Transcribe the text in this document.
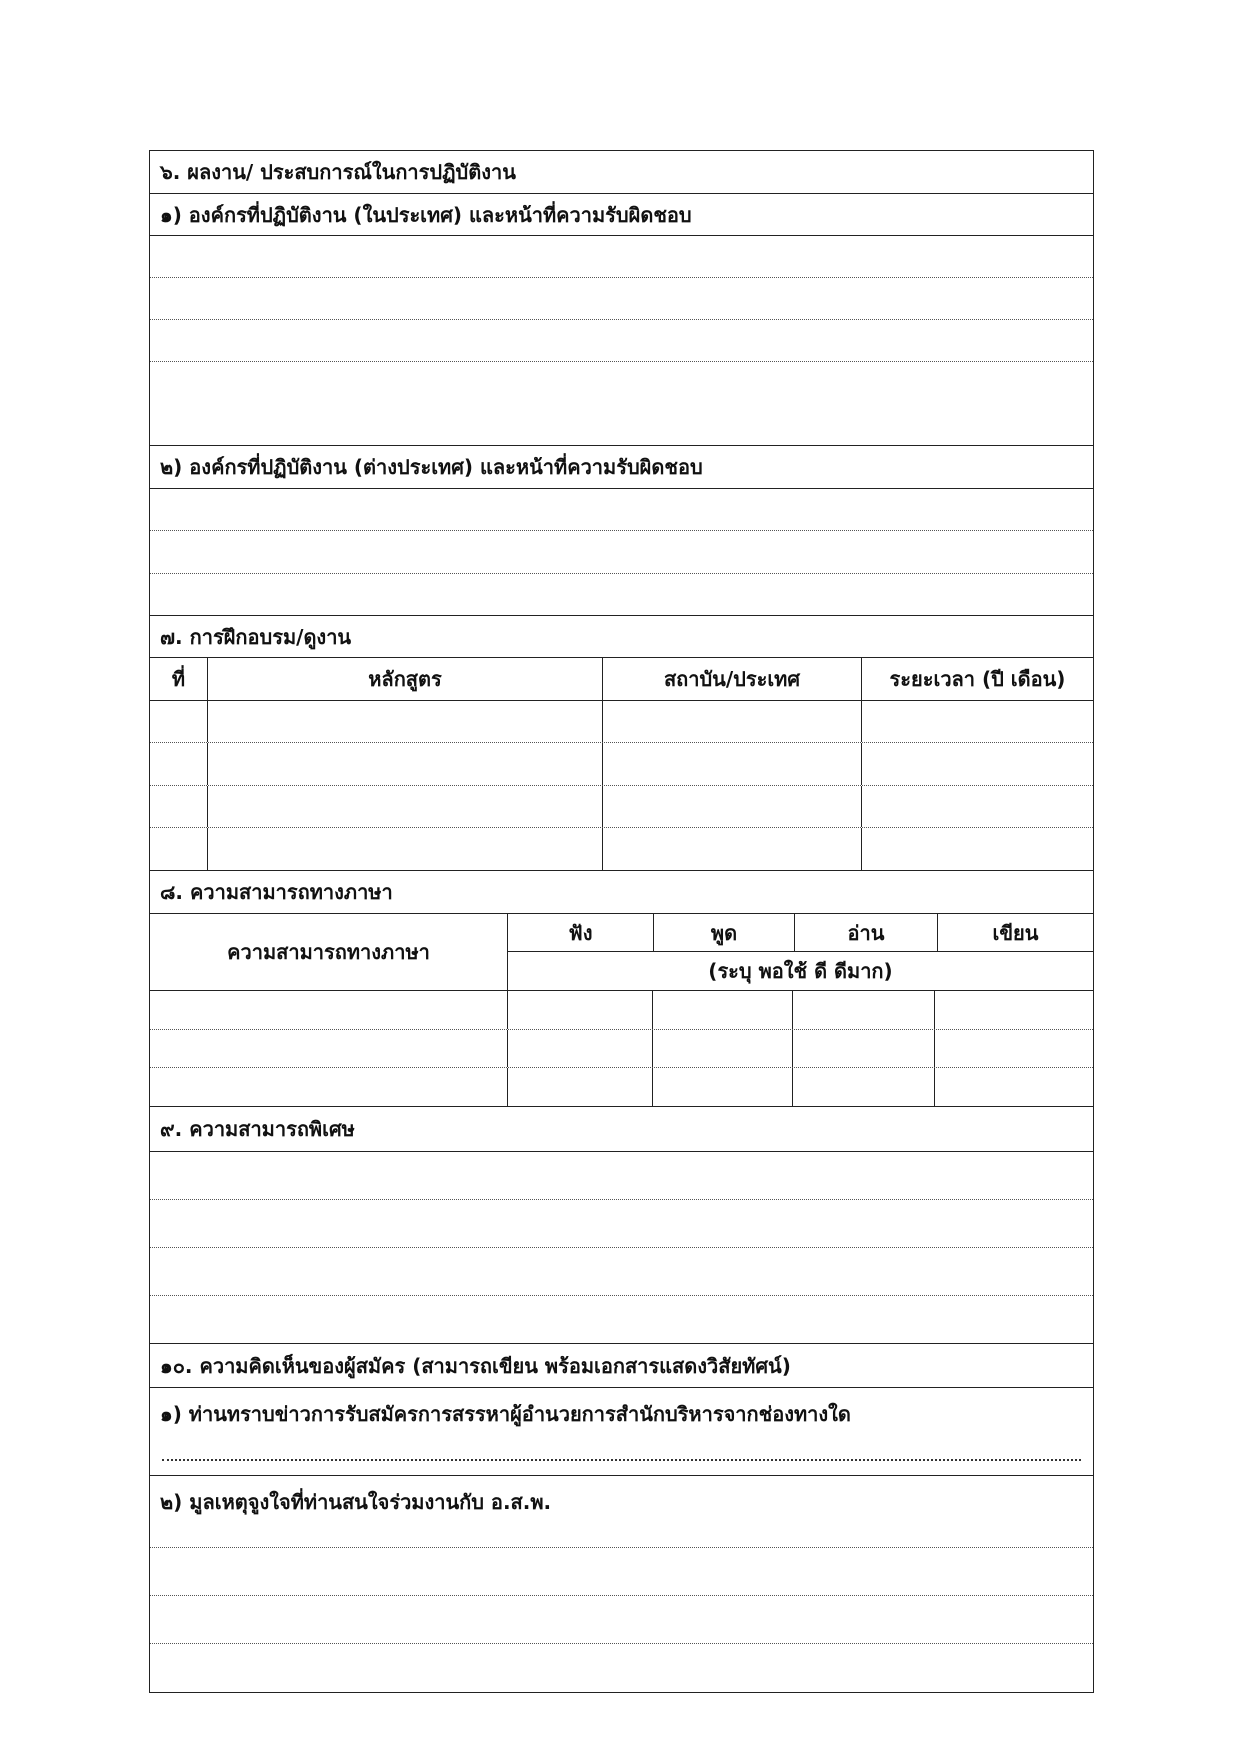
๖. ผลงาน/ ประสบการณ์ในการปฏิบัติงาน
๑) องค์กรที่ปฏิบัติงาน (ในประเทศ) และหน้าที่ความรับผิดชอบ
๒) องค์กรที่ปฏิบัติงาน (ต่างประเทศ) และหน้าที่ความรับผิดชอบ
๗. การฝึกอบรม/ดูงาน
ที่	หลักสูตร	สถาบัน/ประเทศ	ระยะเวลา (ปี เดือน)
๘. ความสามารถทางภาษา
ความสามารถทางภาษา
ฟัง	พูด	อ่าน	เขียน
(ระบุ พอใช้ ดี ดีมาก)
๙. ความสามารถพิเศษ
๑๐. ความคิดเห็นของผู้สมัคร (สามารถเขียน พร้อมเอกสารแสดงวิสัยทัศน์)
๑) ท่านทราบข่าวการรับสมัครการสรรหาผู้อำนวยการสำนักบริหารจากช่องทางใด
๒) มูลเหตุจูงใจที่ท่านสนใจร่วมงานกับ อ.ส.พ.
